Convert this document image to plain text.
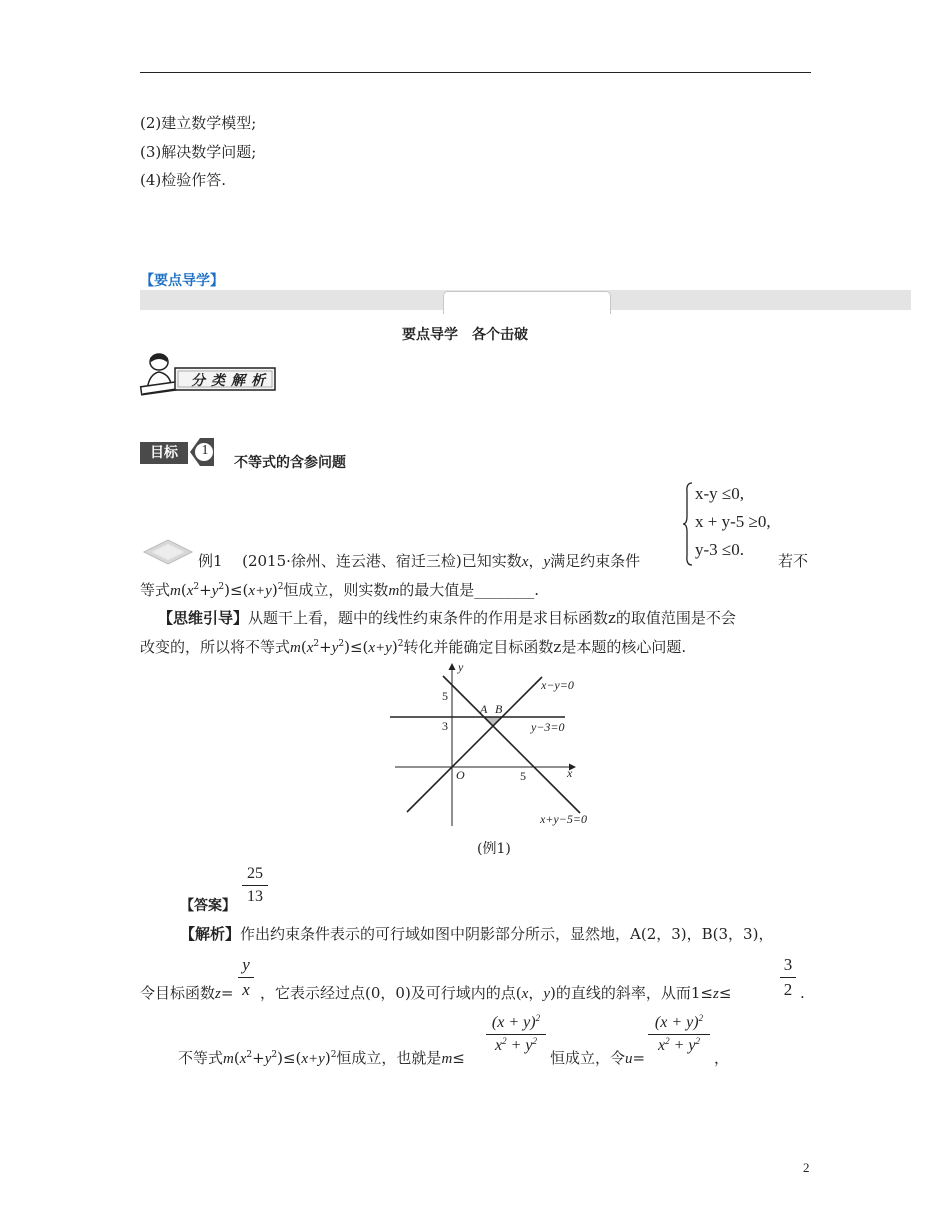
(2)建立数学模型;
(3)解决数学问题;
(4)检验作答.
【要点导学】
要点导学　各个击破
分类解析
目标	1
不等式的含参问题
例1 (2015·徐州、连云港、宿迁三检)已知实数x，y满足约束条件
x-y ≤0,
x + y-5 ≥0,
y-3 ≤0.
若不
等式$m(x^2+y^2)\le(x+y)^2$恒成立，则实数m的最大值是________.
【思维引导】从题干上看，题中的线性约束条件的作用是求目标函数z的取值范围是不会
改变的，所以将不等式$m(x^2+y^2)\le(x+y)^2$转化并能确定目标函数z是本题的核心问题.
y
x
O
5
3
5
A B
x−y=0
y−3=0
x+y−5=0
(例1)
【答案】
25
13
【解析】作出约束条件表示的可行域如图中阴影部分所示，显然地，A(2，3)，B(3，3)，
令目标函数z=
y
x ，它表示经过点(0，0)及可行域内的点(x，y)的直线的斜率，从而1≤z≤
3
2 .
不等式$m(x^2+y^2)\le(x+y)^2$恒成立，也就是m≤
$(x + y)^2$
$x^2 + y^2$
恒成立，令u=
$(x + y)^2$
$x^2 + y^2$
，
2
